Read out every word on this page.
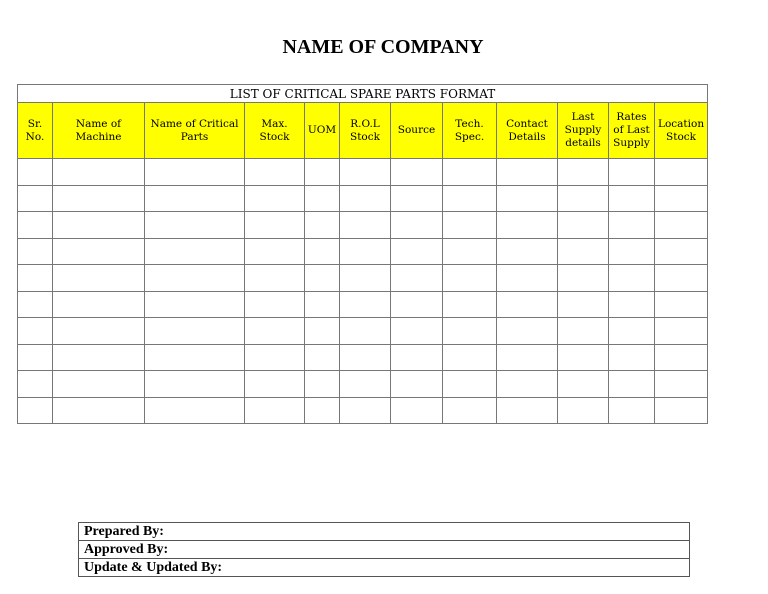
NAME OF COMPANY
LIST OF CRITICAL SPARE PARTS FORMAT											

Sr. No.	Name of Machine	Name of Critical Parts	Max. Stock	UOM	R.O.L Stock	Source	Tech. Spec.	Contact Details	Last Supply details	Rates of Last Supply	Location Stock

Prepared By:
Approved By:
Update & Updated By:
